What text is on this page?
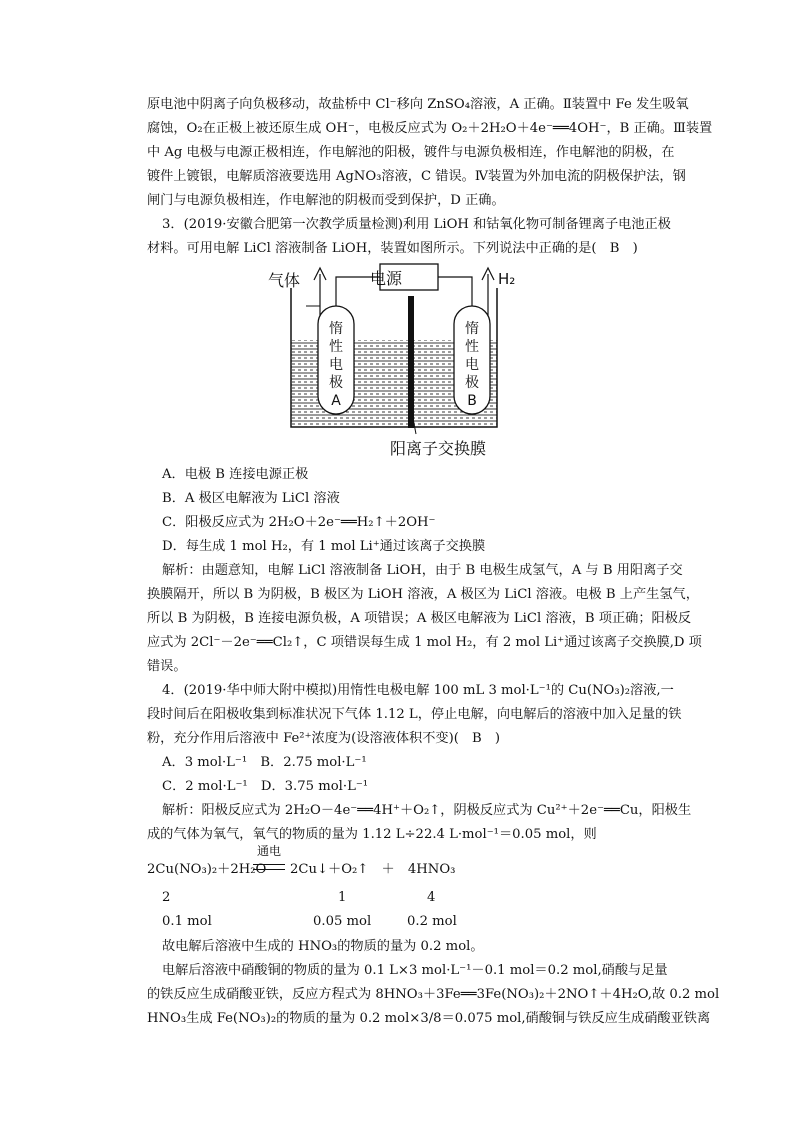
原电池中阴离子向负极移动，故盐桥中 Cl⁻移向 ZnSO₄溶液，A 正确。Ⅱ装置中 Fe 发生吸氧
腐蚀，O₂在正极上被还原生成 OH⁻，电极反应式为 O₂＋2H₂O＋4e⁻══4OH⁻，B 正确。Ⅲ装置
中 Ag 电极与电源正极相连，作电解池的阳极，镀件与电源负极相连，作电解池的阴极，在
镀件上镀银，电解质溶液要选用 AgNO₃溶液，C 错误。Ⅳ装置为外加电流的阴极保护法，钢
闸门与电源负极相连，作电解池的阴极而受到保护，D 正确。
3．(2019·安徽合肥第一次教学质量检测)利用 LiOH 和钴氧化物可制备锂离子电池正极
材料。可用电解 LiCl 溶液制备 LiOH，装置如图所示。下列说法中正确的是(　B　)
电源
气体	H₂
惰性电极A
惰性电极B
阳离子交换膜
A．电极 B 连接电源正极
B．A 极区电解液为 LiCl 溶液
C．阳极反应式为 2H₂O＋2e⁻══H₂↑＋2OH⁻
D．每生成 1 mol H₂，有 1 mol Li⁺通过该离子交换膜
解析：由题意知，电解 LiCl 溶液制备 LiOH，由于 B 电极生成氢气，A 与 B 用阳离子交
换膜隔开，所以 B 为阴极，B 极区为 LiOH 溶液，A 极区为 LiCl 溶液。电极 B 上产生氢气，
所以 B 为阴极，B 连接电源负极，A 项错误；A 极区电解液为 LiCl 溶液，B 项正确；阳极反
应式为 2Cl⁻－2e⁻══Cl₂↑，C 项错误每生成 1 mol H₂，有 2 mol Li⁺通过该离子交换膜,D 项
错误。
4．(2019·华中师大附中模拟)用惰性电极电解 100 mL 3 mol·L⁻¹的 Cu(NO₃)₂溶液,一
段时间后在阳极收集到标准状况下气体 1.12 L，停止电解，向电解后的溶液中加入足量的铁
粉，充分作用后溶液中 Fe²⁺浓度为(设溶液体积不变)(　B　)
A．3 mol·L⁻¹　B．2.75 mol·L⁻¹
C．2 mol·L⁻¹　D．3.75 mol·L⁻¹
解析：阳极反应式为 2H₂O－4e⁻══4H⁺＋O₂↑，阴极反应式为 Cu²⁺＋2e⁻══Cu，阳极生
成的气体为氧气，氧气的物质的量为 1.12 L÷22.4 L·mol⁻¹＝0.05 mol，则
2Cu(NO₃)₂＋2H₂O
通电
2Cu↓＋O₂↑　＋　4HNO₃
2	1	4
0.1 mol	0.05 mol	0.2 mol
故电解后溶液中生成的 HNO₃的物质的量为 0.2 mol。
电解后溶液中硝酸铜的物质的量为 0.1 L×3 mol·L⁻¹－0.1 mol＝0.2 mol,硝酸与足量
的铁反应生成硝酸亚铁，反应方程式为 8HNO₃＋3Fe══3Fe(NO₃)₂＋2NO↑＋4H₂O,故 0.2 mol
HNO₃生成 Fe(NO₃)₂的物质的量为 0.2 mol×3/8＝0.075 mol,硝酸铜与铁反应生成硝酸亚铁离
